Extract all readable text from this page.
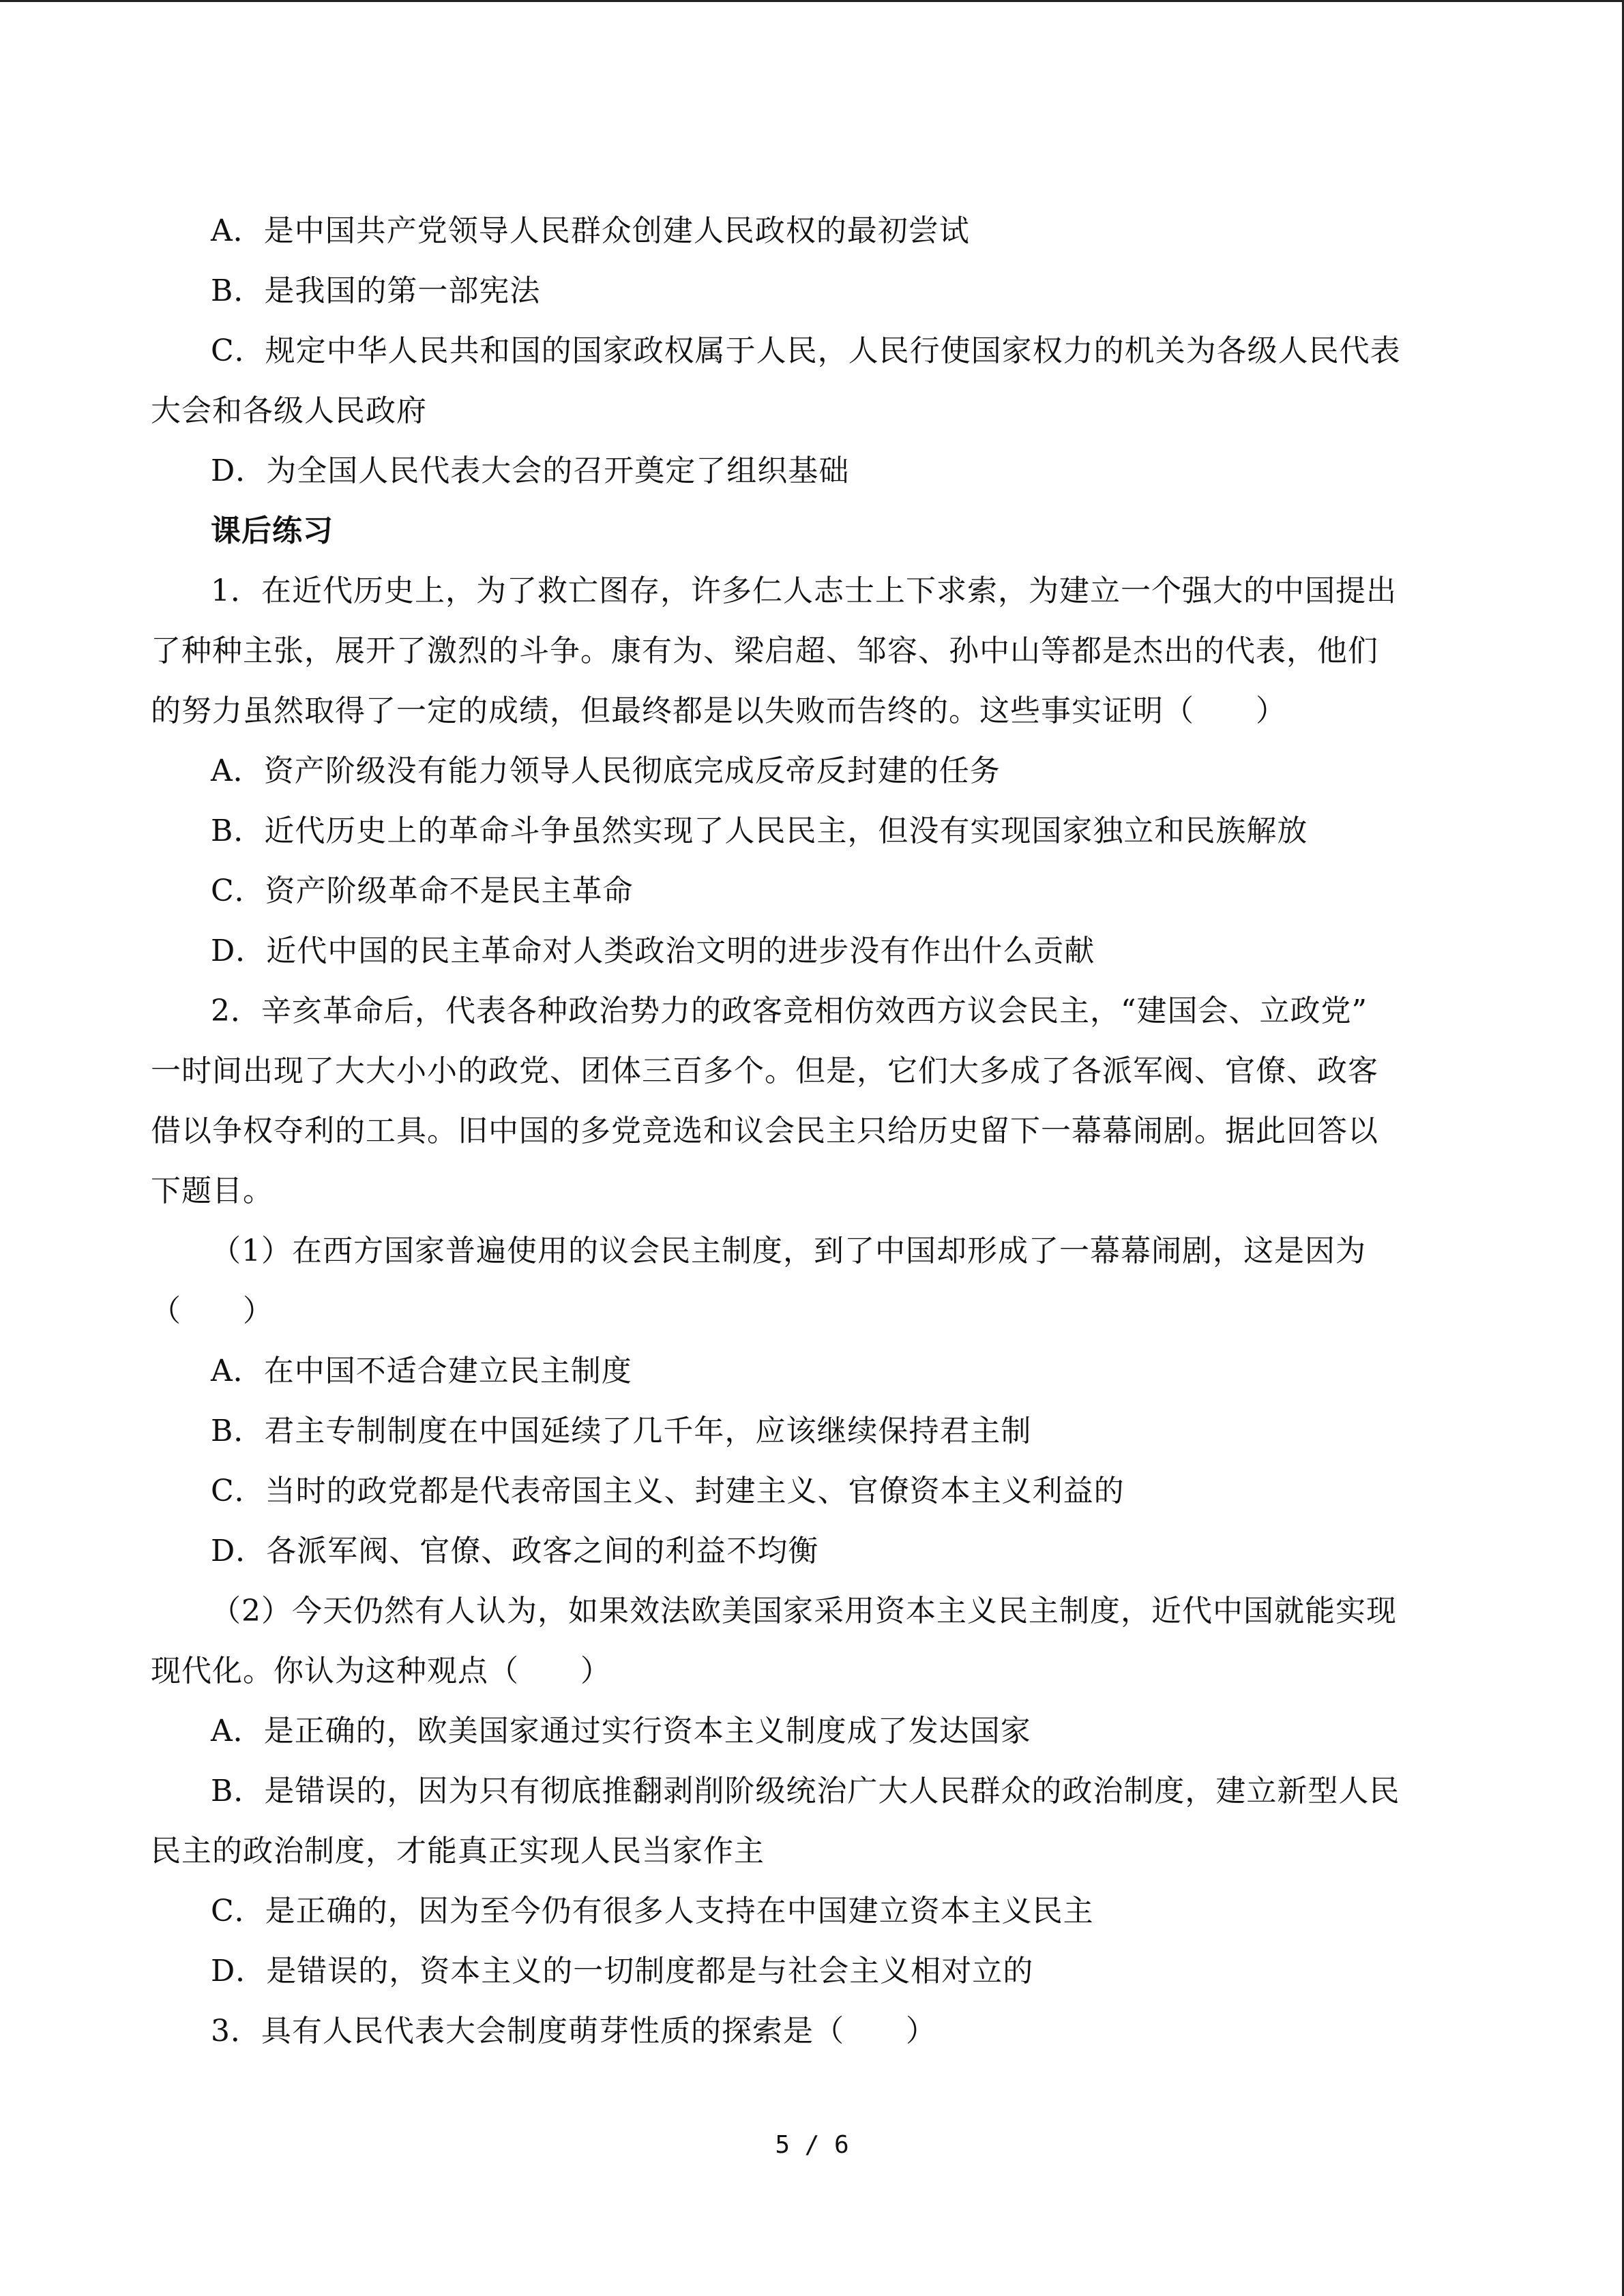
A．是中国共产党领导人民群众创建人民政权的最初尝试
B．是我国的第一部宪法
C．规定中华人民共和国的国家政权属于人民，人民行使国家权力的机关为各级人民代表
大会和各级人民政府
D．为全国人民代表大会的召开奠定了组织基础
课后练习
1．在近代历史上，为了救亡图存，许多仁人志士上下求索，为建立一个强大的中国提出
了种种主张，展开了激烈的斗争。康有为、梁启超、邹容、孙中山等都是杰出的代表，他们
的努力虽然取得了一定的成绩，但最终都是以失败而告终的。这些事实证明（　　）
A．资产阶级没有能力领导人民彻底完成反帝反封建的任务
B．近代历史上的革命斗争虽然实现了人民民主，但没有实现国家独立和民族解放
C．资产阶级革命不是民主革命
D．近代中国的民主革命对人类政治文明的进步没有作出什么贡献
2．辛亥革命后，代表各种政治势力的政客竞相仿效西方议会民主，“建国会、立政党”
一时间出现了大大小小的政党、团体三百多个。但是，它们大多成了各派军阀、官僚、政客
借以争权夺利的工具。旧中国的多党竞选和议会民主只给历史留下一幕幕闹剧。据此回答以
下题目。
（1）在西方国家普遍使用的议会民主制度，到了中国却形成了一幕幕闹剧，这是因为
（　　）
A．在中国不适合建立民主制度
B．君主专制制度在中国延续了几千年，应该继续保持君主制
C．当时的政党都是代表帝国主义、封建主义、官僚资本主义利益的
D．各派军阀、官僚、政客之间的利益不均衡
（2）今天仍然有人认为，如果效法欧美国家采用资本主义民主制度，近代中国就能实现
现代化。你认为这种观点（　　）
A．是正确的，欧美国家通过实行资本主义制度成了发达国家
B．是错误的，因为只有彻底推翻剥削阶级统治广大人民群众的政治制度，建立新型人民
民主的政治制度，才能真正实现人民当家作主
C．是正确的，因为至今仍有很多人支持在中国建立资本主义民主
D．是错误的，资本主义的一切制度都是与社会主义相对立的
3．具有人民代表大会制度萌芽性质的探索是（　　）
5 / 6
